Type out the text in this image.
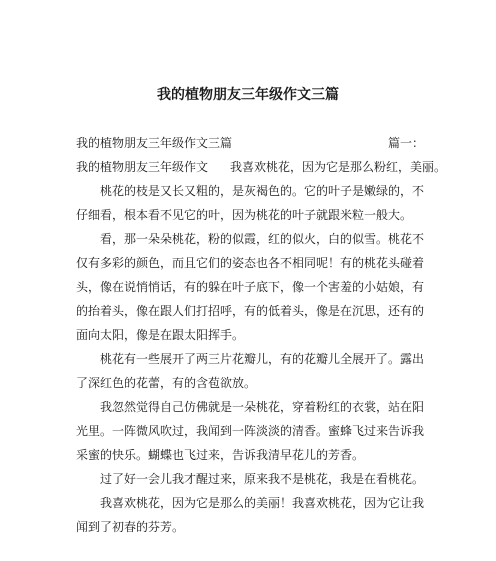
我的植物朋友三年级作文三篇
我的植物朋友三年级作文三篇	篇一：
我的植物朋友三年级作文 我喜欢桃花，因为它是那么粉红，美丽。

桃花的枝是又长又粗的，是灰褐色的。它的叶子是嫩绿的，不仔细看，根本看不见它的叶，因为桃花的叶子就跟米粒一般大。

看，那一朵朵桃花，粉的似霞，红的似火，白的似雪。桃花不仅有多彩的颜色，而且它们的姿态也各不相同呢！有的桃花头碰着头，像在说悄悄话，有的躲在叶子底下，像一个害羞的小姑娘，有的抬着头，像在跟人们打招呼，有的低着头，像是在沉思，还有的面向太阳，像是在跟太阳挥手。

桃花有一些展开了两三片花瓣儿，有的花瓣儿全展开了。露出了深红色的花蕾，有的含苞欲放。

我忽然觉得自己仿佛就是一朵桃花，穿着粉红的衣裳，站在阳光里。一阵微风吹过，我闻到一阵淡淡的清香。蜜蜂飞过来告诉我采蜜的快乐。蝴蝶也飞过来，告诉我清早花儿的芳香。

过了好一会儿我才醒过来，原来我不是桃花，我是在看桃花。

我喜欢桃花，因为它是那么的美丽！我喜欢桃花，因为它让我闻到了初春的芬芳。
